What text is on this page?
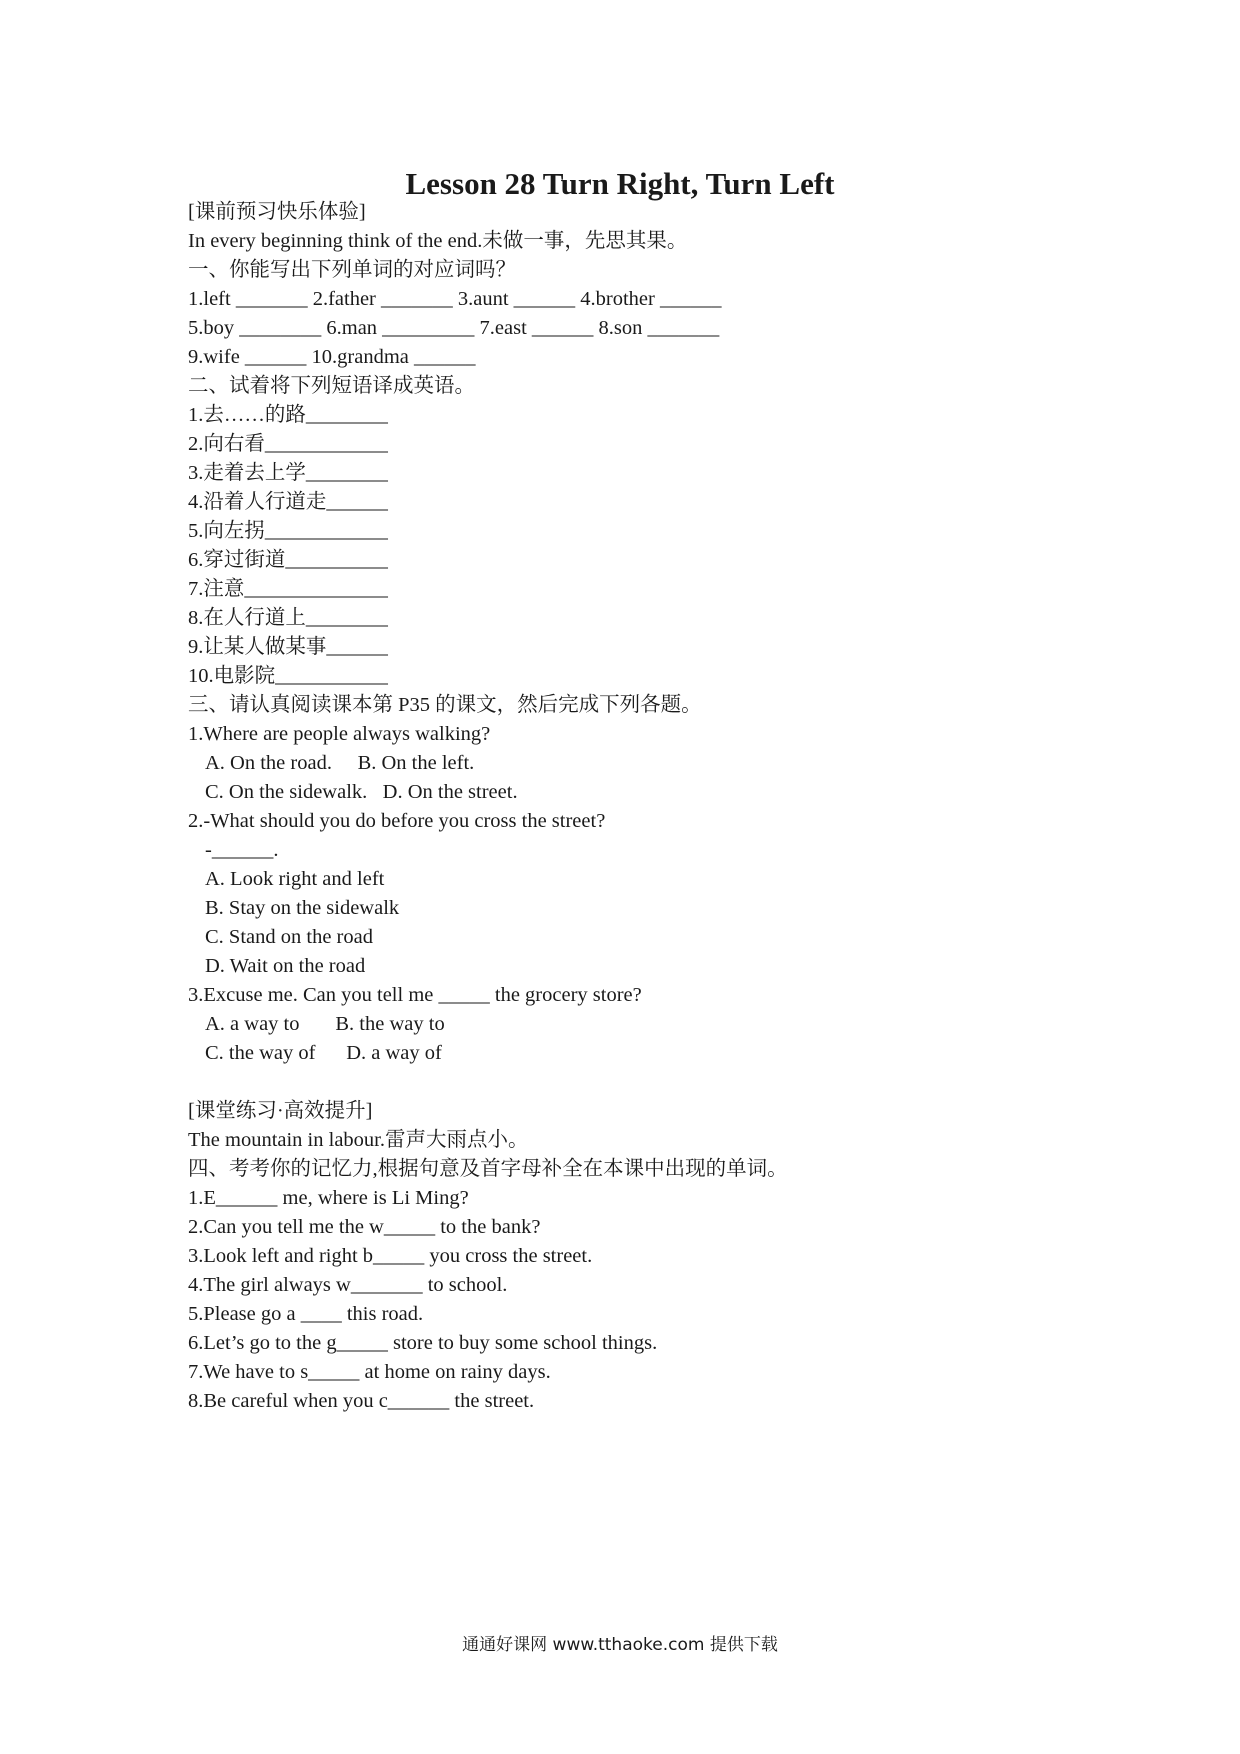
Lesson 28 Turn Right, Turn Left
[课前预习快乐体验]
In every beginning think of the end.未做一事，先思其果。
一、你能写出下列单词的对应词吗？
1.left _______ 2.father _______ 3.aunt ______ 4.brother ______
5.boy ________ 6.man _________ 7.east ______ 8.son _______
9.wife ______ 10.grandma ______
二、试着将下列短语译成英语。
1.去……的路________
2.向右看____________
3.走着去上学________
4.沿着人行道走______
5.向左拐____________
6.穿过街道__________
7.注意______________
8.在人行道上________
9.让某人做某事______
10.电影院___________
三、请认真阅读课本第 P35 的课文，然后完成下列各题。
1.Where are people always walking?
A. On the road.     B. On the left.
C. On the sidewalk.   D. On the street.
2.-What should you do before you cross the street?
-______.
A. Look right and left
B. Stay on the sidewalk
C. Stand on the road
D. Wait on the road
3.Excuse me. Can you tell me _____ the grocery store?
A. a way to       B. the way to
C. the way of      D. a way of
[课堂练习·高效提升]
The mountain in labour.雷声大雨点小。
四、考考你的记忆力,根据句意及首字母补全在本课中出现的单词。
1.E______ me, where is Li Ming?
2.Can you tell me the w_____ to the bank?
3.Look left and right b_____ you cross the street.
4.The girl always w_______ to school.
5.Please go a ____ this road.
6.Let’s go to the g_____ store to buy some school things.
7.We have to s_____ at home on rainy days.
8.Be careful when you c______ the street.
通通好课网 www.tthaoke.com 提供下载
